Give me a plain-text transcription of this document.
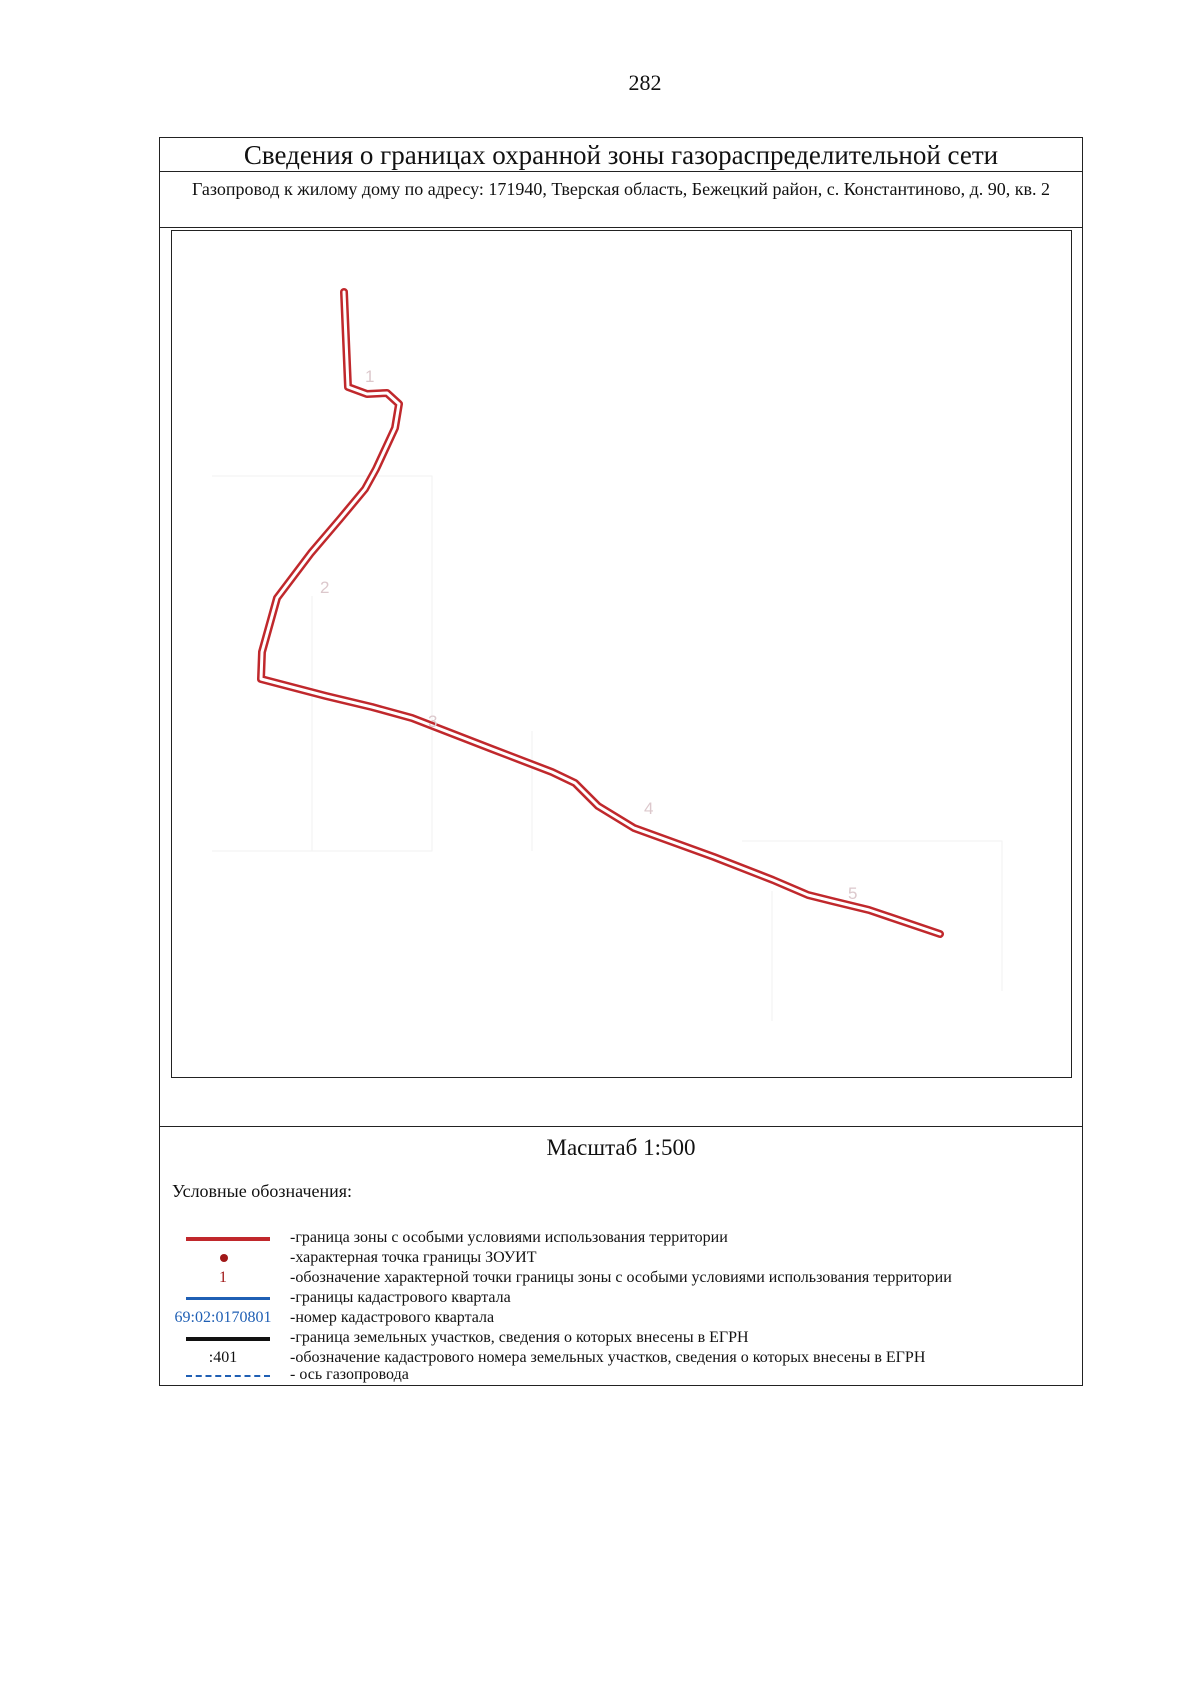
282
Сведения о границах охранной зоны газораспределительной сети
Газопровод к жилому дому по адресу: 171940, Тверская область, Бежецкий район, с. Константиново, д. 90, кв. 2
1
2
3
4
5
Масштаб 1:500
Условные обозначения:
-граница зоны с особыми условиями использования территории
-характерная точка границы ЗОУИТ
1	-обозначение характерной точки границы зоны с особыми условиями использования территории
-границы кадастрового квартала
69:02:0170801 -номер кадастрового квартала
-граница земельных участков, сведения о которых внесены в ЕГРН
:401	-обозначение кадастрового номера земельных участков, сведения о которых внесены в ЕГРН
- ось газопровода
